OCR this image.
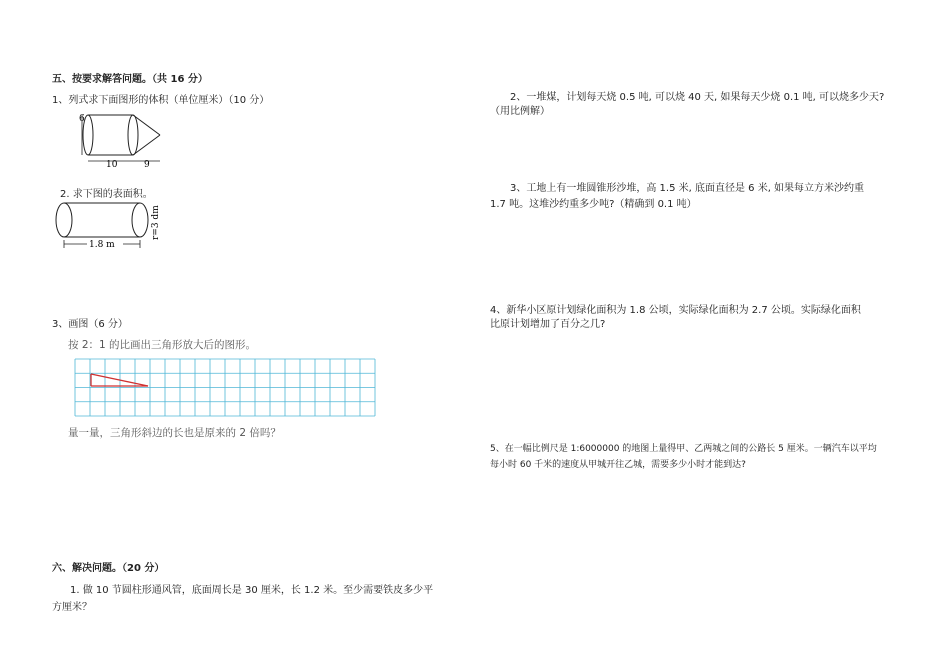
五、按要求解答问题。（共 16 分）
1、列式求下面图形的体积（单位厘米）（10 分）
6
10	9
2. 求下图的表面积。
1.8 m
r=3 dm
3、画图（6 分）
按 2：1 的比画出三角形放大后的图形。
量一量，三角形斜边的长也是原来的 2 倍吗？
六、解决问题。（20 分）
1. 做 10 节圆柱形通风管，底面周长是 30 厘米，长 1.2 米。至少需要铁皮多少平
方厘米？
2、一堆煤，计划每天烧 0.5 吨, 可以烧 40 天, 如果每天少烧 0.1 吨, 可以烧多少天?
（用比例解）
3、工地上有一堆圆锥形沙堆，高 1.5 米, 底面直径是 6 米, 如果每立方米沙约重
1.7 吨。这堆沙约重多少吨?（精确到 0.1 吨）
4、新华小区原计划绿化面积为 1.8 公顷，实际绿化面积为 2.7 公顷。实际绿化面积
比原计划增加了百分之几?
5、在一幅比例尺是 1:6000000 的地图上量得甲、乙两城之间的公路长 5 厘米。一辆汽车以平均
每小时 60 千米的速度从甲城开往乙城，需要多少小时才能到达?
